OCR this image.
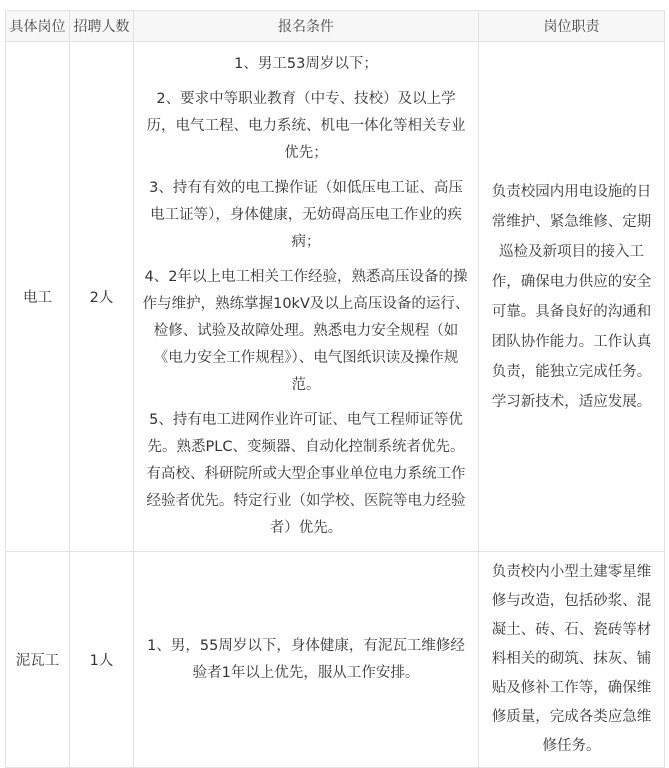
具体岗位	招聘人数	报名条件	岗位职责
电工	2人	1、男工53周岁以下；

2、要求中等职业教育（中专、技校）及以上学历，电气工程、电力系统、机电一体化等相关专业优先；

3、持有有效的电工操作证（如低压电工证、高压电工证等），身体健康，无妨碍高压电工作业的疾病；

4、2年以上电工相关工作经验，熟悉高压设备的操作与维护，熟练掌握10kV及以上高压设备的运行、检修、试验及故障处理。熟悉电力安全规程（如《电力安全工作规程》）、电气图纸识读及操作规范。

5、持有电工进网作业许可证、电气工程师证等优先。熟悉PLC、变频器、自动化控制系统者优先。有高校、科研院所或大型企事业单位电力系统工作经验者优先。特定行业（如学校、医院等电力经验者）优先。	负责校园内用电设施的日常维护、紧急维修、定期巡检及新项目的接入工作，确保电力供应的安全可靠。具备良好的沟通和团队协作能力。工作认真负责，能独立完成任务。学习新技术，适应发展。

泥瓦工	1人	1、男，55周岁以下，身体健康，有泥瓦工维修经验者1年以上优先，服从工作安排。	负责校内小型土建零星维修与改造，包括砂浆、混凝土、砖、石、瓷砖等材料相关的砌筑、抹灰、铺贴及修补工作等，确保维修质量，完成各类应急维修任务。
